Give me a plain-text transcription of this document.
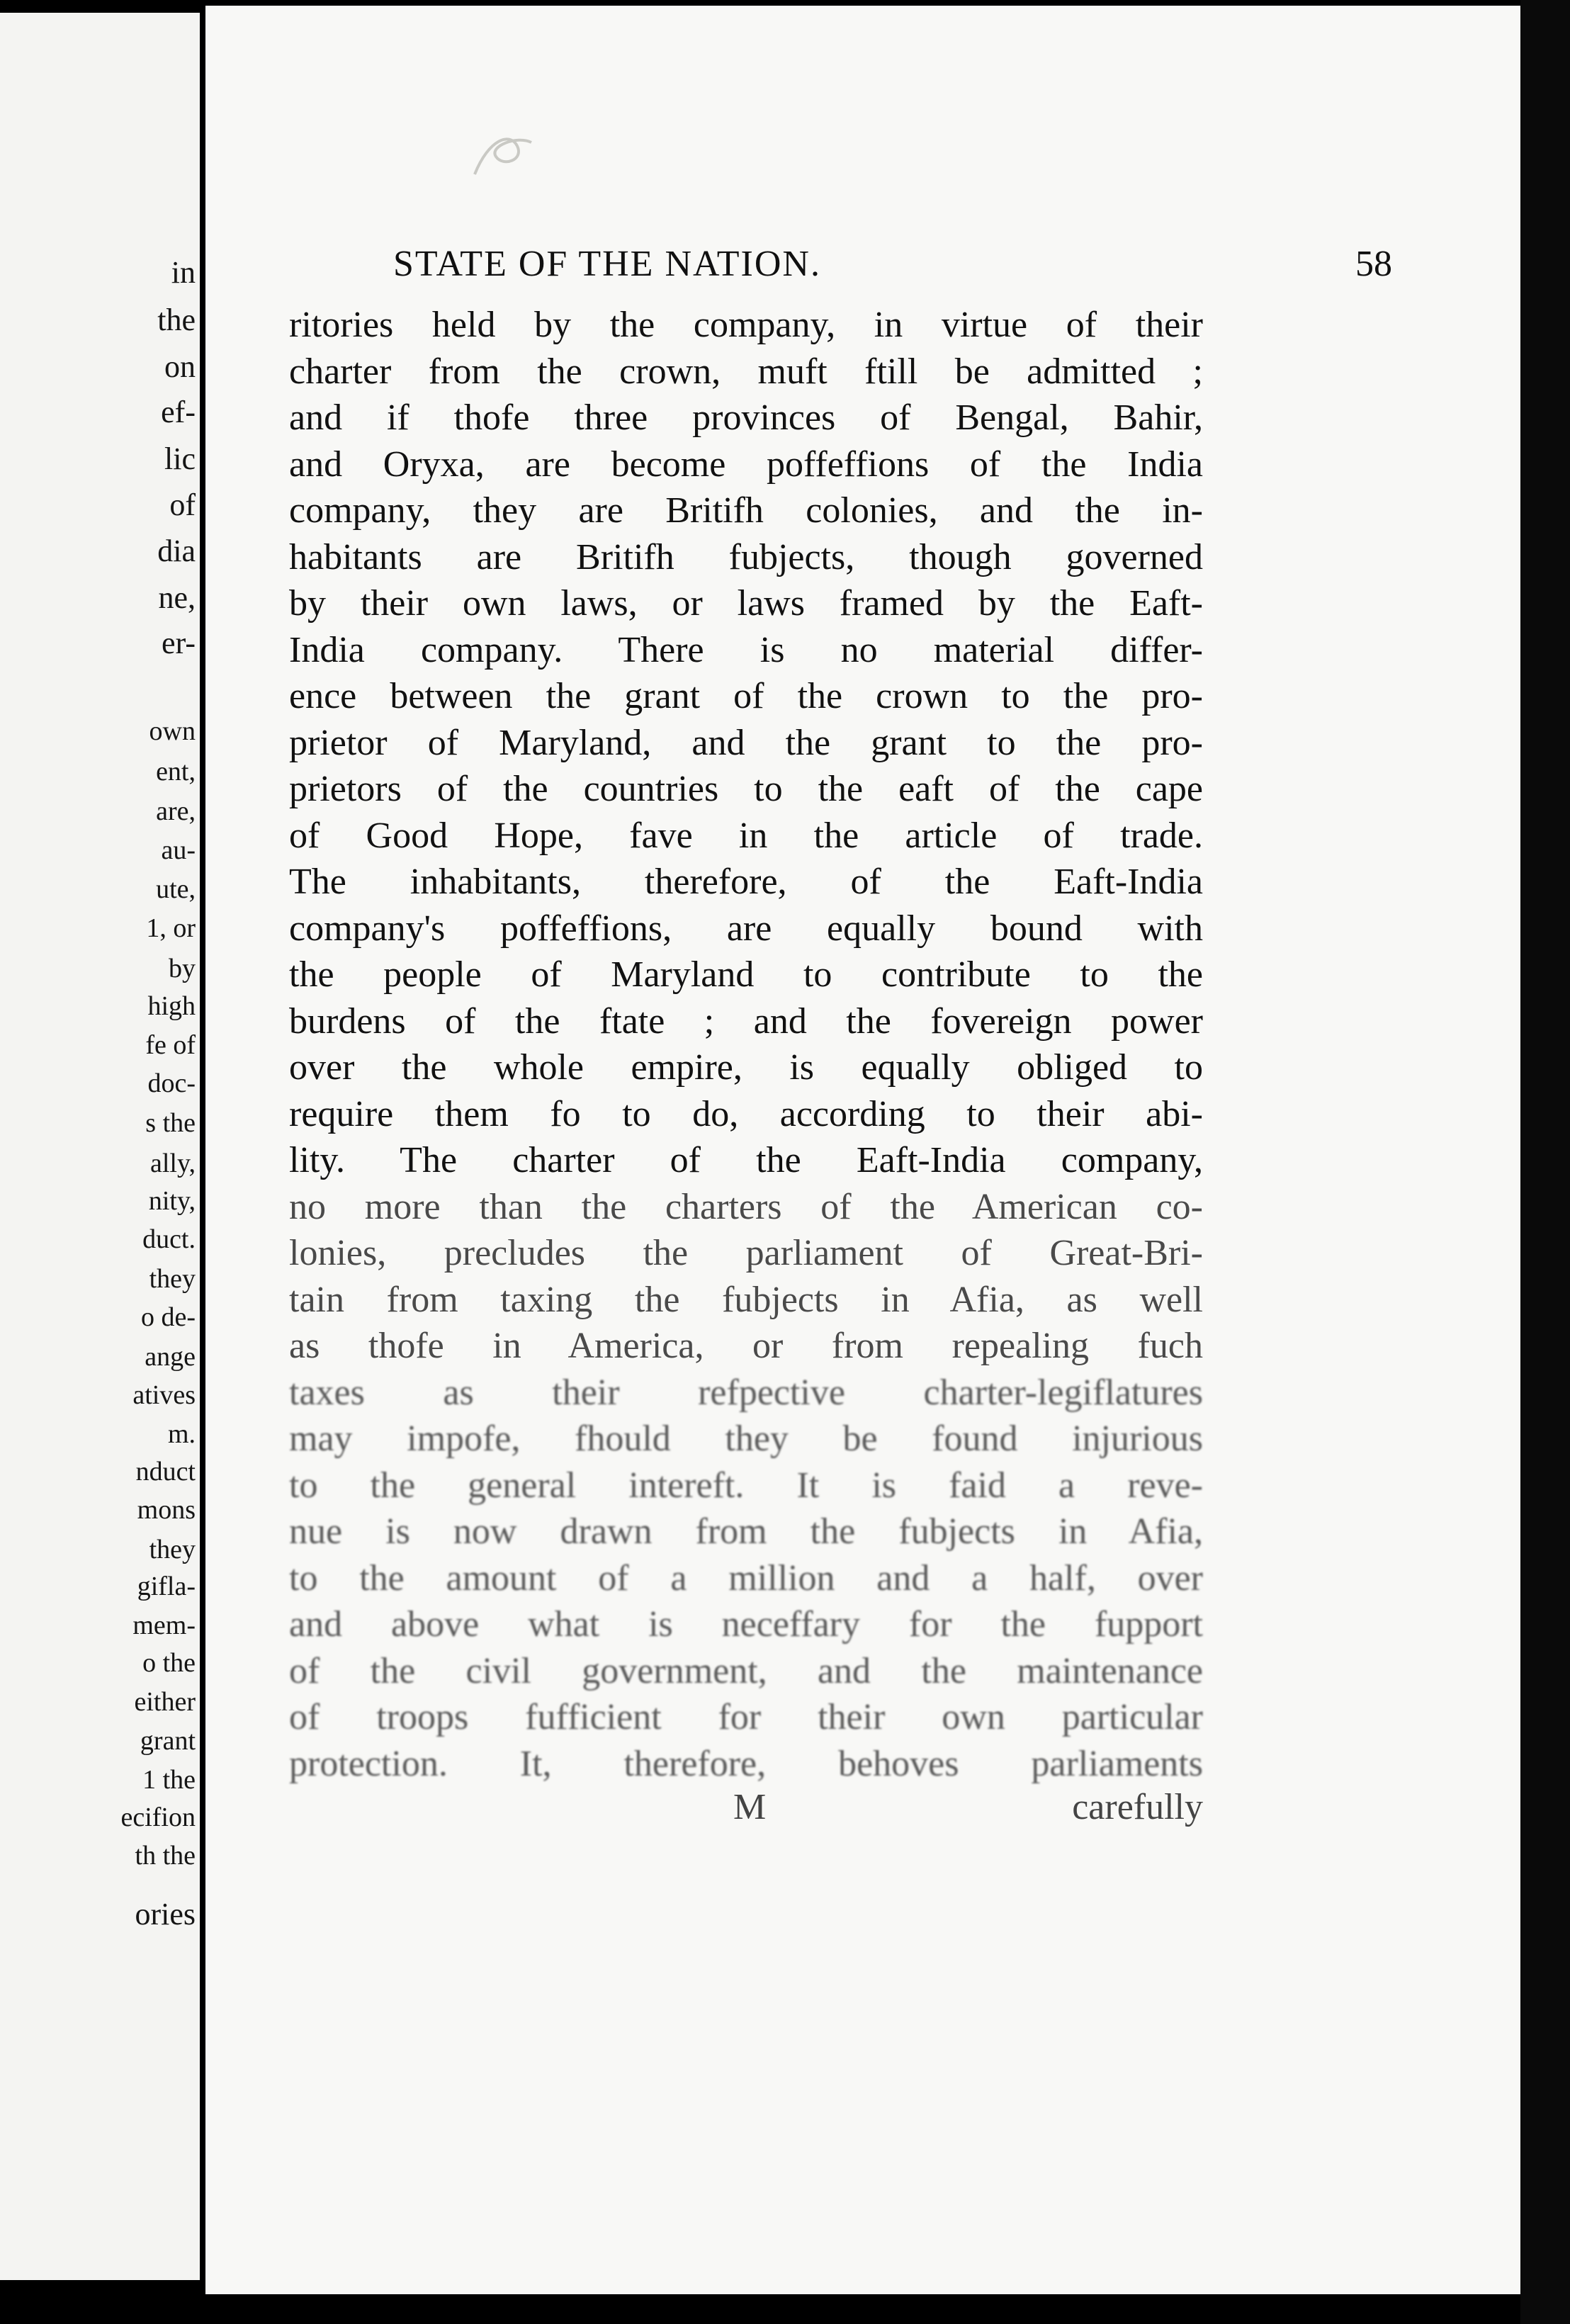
ories
in
the
on
ef-
lic
of
dia
ne,
er-
own
ent,
are,
au-
ute,
1, or
by
high
fe of
doc-
s the
ally,
nity,
duct.
they
o de-
ange
atives
m.
nduct
mons
they
gifla-
mem-
o the
either
grant
1 the
ecifion
th the
STATE OF THE NATION.	58
ritories held by the company, in virtue of their
charter from the crown, muft ftill be admitted ;
and if thofe three provinces of Bengal, Bahir,
and Oryxa, are become poffeffions of the India
company, they are Britifh colonies, and the in-
habitants are Britifh fubjects, though governed
by their own laws, or laws framed by the Eaft-
India company. There is no material differ-
ence between the grant of the crown to the pro-
prietor of Maryland, and the grant to the pro-
prietors of the countries to the eaft of the cape
of Good Hope, fave in the article of trade.
The inhabitants, therefore, of the Eaft-India
company's poffeffions, are equally bound with
the people of Maryland to contribute to the
burdens of the ftate ; and the fovereign power
over the whole empire, is equally obliged to
require them fo to do, according to their abi-
lity. The charter of the Eaft-India company,
no more than the charters of the American co-
lonies, precludes the parliament of Great-Bri-
tain from taxing the fubjects in Afia, as well
as thofe in America, or from repealing fuch
taxes as their refpective charter-legiflatures
may impofe, fhould they be found injurious
to the general intereft. It is faid a reve-
nue is now drawn from the fubjects in Afia,
to the amount of a million and a half, over
and above what is neceffary for the fupport
of the civil government, and the maintenance
of troops fufficient for their own particular
protection. It, therefore, behoves parliaments
M	carefully
